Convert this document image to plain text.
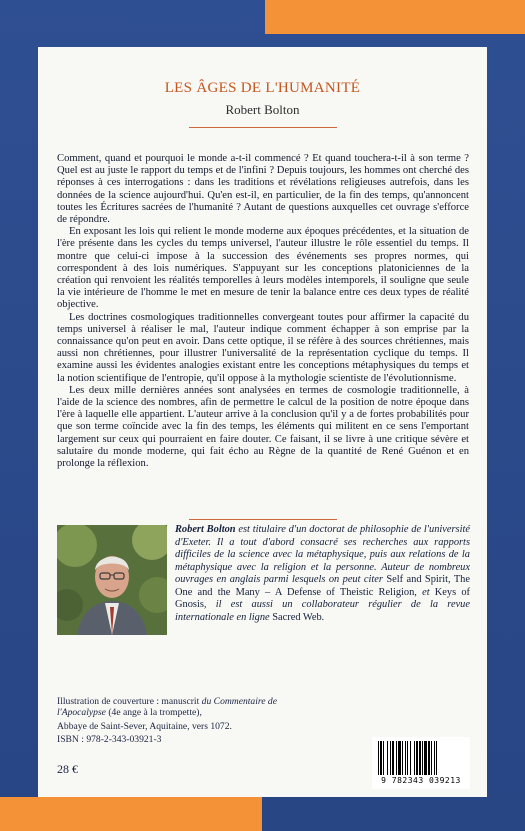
LES ÂGES DE L'HUMANITÉ
Robert Bolton

Comment, quand et pourquoi le monde a-t-il commencé ? Et quand touchera-t-il à son terme ? Quel est au juste le rapport du temps et de l'infini ? Depuis toujours, les hommes ont cherché des réponses à ces interrogations : dans les traditions et révélations religieuses autrefois, dans les données de la science aujourd'hui. Qu'en est-il, en particulier, de la fin des temps, qu'annoncent toutes les Écritures sacrées de l'humanité ? Autant de questions auxquelles cet ouvrage s'efforce de répondre.

En exposant les lois qui relient le monde moderne aux époques précédentes, et la situation de l'ère présente dans les cycles du temps universel, l'auteur illustre le rôle essentiel du temps. Il montre que celui-ci impose à la succession des événements ses propres normes, qui correspondent à des lois numériques. S'appuyant sur les conceptions platoniciennes de la création qui renvoient les réalités temporelles à leurs modèles intemporels, il souligne que seule la vie intérieure de l'homme le met en mesure de tenir la balance entre ces deux types de réalité objective.

Les doctrines cosmologiques traditionnelles convergeant toutes pour affirmer la capacité du temps universel à réaliser le mal, l'auteur indique comment échapper à son emprise par la connaissance qu'on peut en avoir. Dans cette optique, il se réfère à des sources chrétiennes, mais aussi non chrétiennes, pour illustrer l'universalité de la représentation cyclique du temps. Il examine aussi les évidentes analogies existant entre les conceptions métaphysiques du temps et la notion scientifique de l'entropie, qu'il oppose à la mythologie scientiste de l'évolutionnisme.

Les deux mille dernières années sont analysées en termes de cosmologie traditionnelle, à l'aide de la science des nombres, afin de permettre le calcul de la position de notre époque dans l'ère à laquelle elle appartient. L'auteur arrive à la conclusion qu'il y a de fortes probabilités pour que son terme coïncide avec la fin des temps, les éléments qui militent en ce sens l'emportant largement sur ceux qui pourraient en faire douter. Ce faisant, il se livre à une critique sévère et salutaire du monde moderne, qui fait écho au Règne de la quantité de René Guénon et en prolonge la réflexion.

Robert Bolton est titulaire d'un doctorat de philosophie de l'université d'Exeter. Il a tout d'abord consacré ses recherches aux rapports difficiles de la science avec la métaphysique, puis aux relations de la métaphysique avec la religion et la personne. Auteur de nombreux ouvrages en anglais parmi lesquels on peut citer Self and Spirit, The One and the Many – A Defense of Theistic Religion, et Keys of Gnosis, il est aussi un collaborateur régulier de la revue internationale en ligne Sacred Web.
Illustration de couverture : manuscrit du Commentaire de l'Apocalypse (4e ange à la trompette),
Abbaye de Saint-Sever, Aquitaine, vers 1072.
ISBN : 978-2-343-03921-3
28 €
9 782343 039213
